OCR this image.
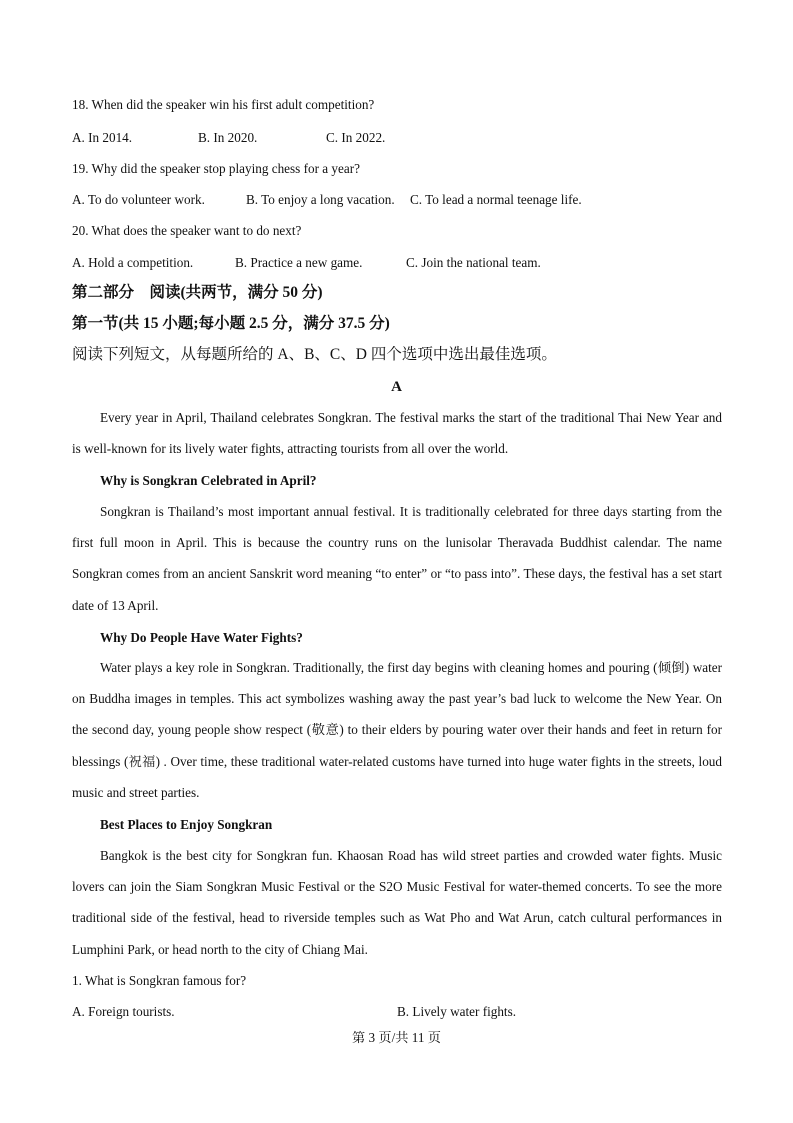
18. When did the speaker win his first adult competition?
A. In 2014.	B. In 2020.	C. In 2022.
19. Why did the speaker stop playing chess for a year?
A. To do volunteer work.	B. To enjoy a long vacation. C. To lead a normal teenage life.
20. What does the speaker want to do next?
A. Hold a competition.	B. Practice a new game.	C. Join the national team.
第二部分　阅读(共两节，满分 50 分)
第一节(共 15 小题;每小题 2.5 分，满分 37.5 分)
阅读下列短文，从每题所给的 A、B、C、D 四个选项中选出最佳选项。
A
Every year in April, Thailand celebrates Songkran. The festival marks the start of the traditional Thai New Year and is well-known for its lively water fights, attracting tourists from all over the world.
Why is Songkran Celebrated in April?
Songkran is Thailand’s most important annual festival. It is traditionally celebrated for three days starting from the first full moon in April. This is because the country runs on the lunisolar Theravada Buddhist calendar. The name Songkran comes from an ancient Sanskrit word meaning “to enter” or “to pass into”. These days, the festival has a set start date of 13 April.
Why Do People Have Water Fights?
Water plays a key role in Songkran. Traditionally, the first day begins with cleaning homes and pouring (倾倒) water on Buddha images in temples. This act symbolizes washing away the past year’s bad luck to welcome the New Year. On the second day, young people show respect (敬意) to their elders by pouring water over their hands and feet in return for blessings (祝福) . Over time, these traditional water-related customs have turned into huge water fights in the streets, loud music and street parties.
Best Places to Enjoy Songkran
Bangkok is the best city for Songkran fun. Khaosan Road has wild street parties and crowded water fights. Music lovers can join the Siam Songkran Music Festival or the S2O Music Festival for water-themed concerts. To see the more traditional side of the festival, head to riverside temples such as Wat Pho and Wat Arun, catch cultural performances in Lumphini Park, or head north to the city of Chiang Mai.
1. What is Songkran famous for?
A. Foreign tourists.	B. Lively water fights.
第 3 页/共 11 页
